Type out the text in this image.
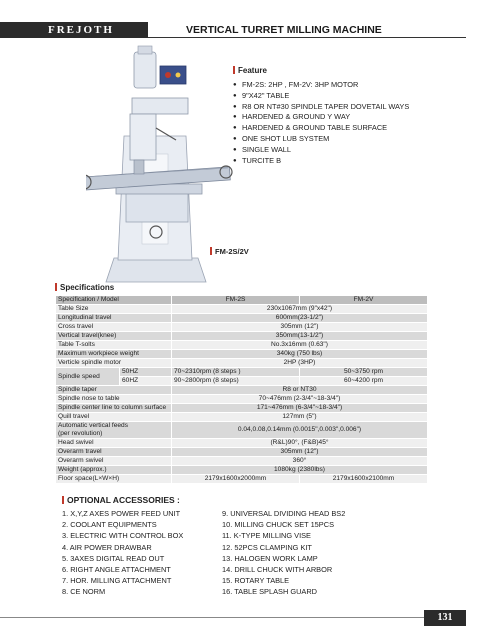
FREJOTH	VERTICAL TURRET MILLING MACHINE
Feature
● FM-2S: 2HP , FM-2V: 3HP MOTOR
● 9"X42" TABLE
● R8 OR NT#30 SPINDLE TAPER DOVETAIL WAYS
● HARDENED & GROUND Y WAY
● HARDENED & GROUND TABLE SURFACE
● ONE SHOT LUB SYSTEM
● SINGLE WALL
● TURCITE B
FM-2S/2V
Specifications
Specification / Model		FM-2S	FM-2V
Table Size		230x1067mm (9"x42")	
Longitudinal travel		600mm(23-1/2")	
Cross travel		305mm (12")	
Vertical travel(knee)		350mm(13-1/2")	
Table T-solts		No.3x16mm (0.63")	
Maximum workpiece weight		340kg (750 lbs)	
Verticle spindle motor		2HP (3HP)	
Spindle speed	50HZ	70~2310rpm (8 steps )	50~3750 rpm
	60HZ	90~2800rpm (8 steps)	60~4200 rpm
Spindle taper		R8 or NT30	
Spindle nose to table		70~476mm (2-3/4"~18-3/4")	
Spindle center line to column surface		171~476mm (6-3/4"~18-3/4")	
Quill travel		127mm (5")	

Automatic vertical feeds
(per revolution)		0.04,0.08,0.14mm (0.0015",0.003",0.006")	
Head swivel		(R&L)90°, (F&B)45°	
Overarm travel		305mm (12")	
Overarm swivel		360°	
Weight (approx.)		1080kg (2380lbs)	
Floor space(L×W×H)		2179x1600x2000mm	2179x1600x2100mm
OPTIONAL ACCESSORIES :
1. X,Y,Z AXES POWER FEED UNIT
2. COOLANT EQUIPMENTS
3. ELECTRIC WITH CONTROL BOX
4. AIR POWER DRAWBAR
5. 3AXES DIGITAL READ OUT
6. RIGHT ANGLE ATTACHMENT
7. HOR. MILLING ATTACHMENT
8. CE NORM
9. UNIVERSAL DIVIDING HEAD BS2
10. MILLING CHUCK SET 15PCS
11. K-TYPE MILLING VISE
12. 52PCS CLAMPING KIT
13. HALOGEN WORK LAMP
14. DRILL CHUCK WITH ARBOR
15. ROTARY TABLE
16. TABLE SPLASH GUARD
131
